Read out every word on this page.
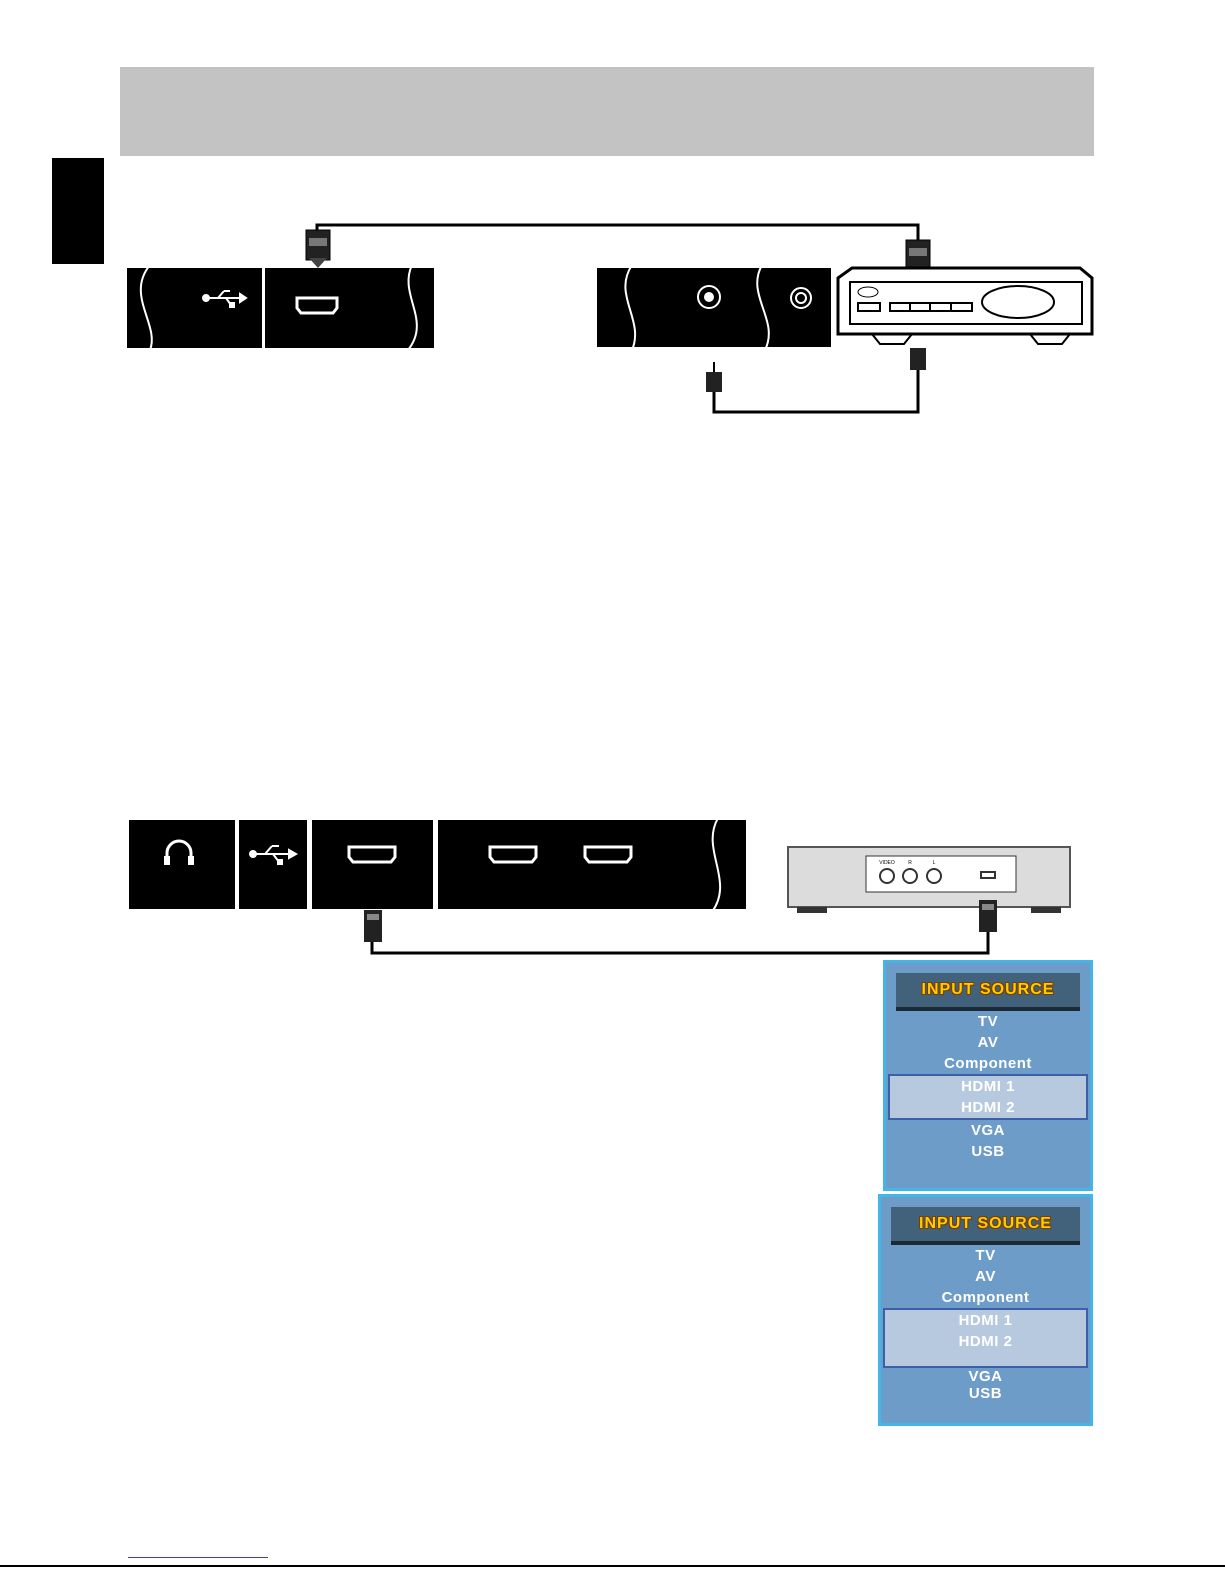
VIDEO	R	L
INPUT SOURCE
TV
AV
Component
HDMI 1
HDMI 2
VGA
USB
INPUT SOURCE
TV
AV
Component
HDMI 1
HDMI 2
VGA
USB
